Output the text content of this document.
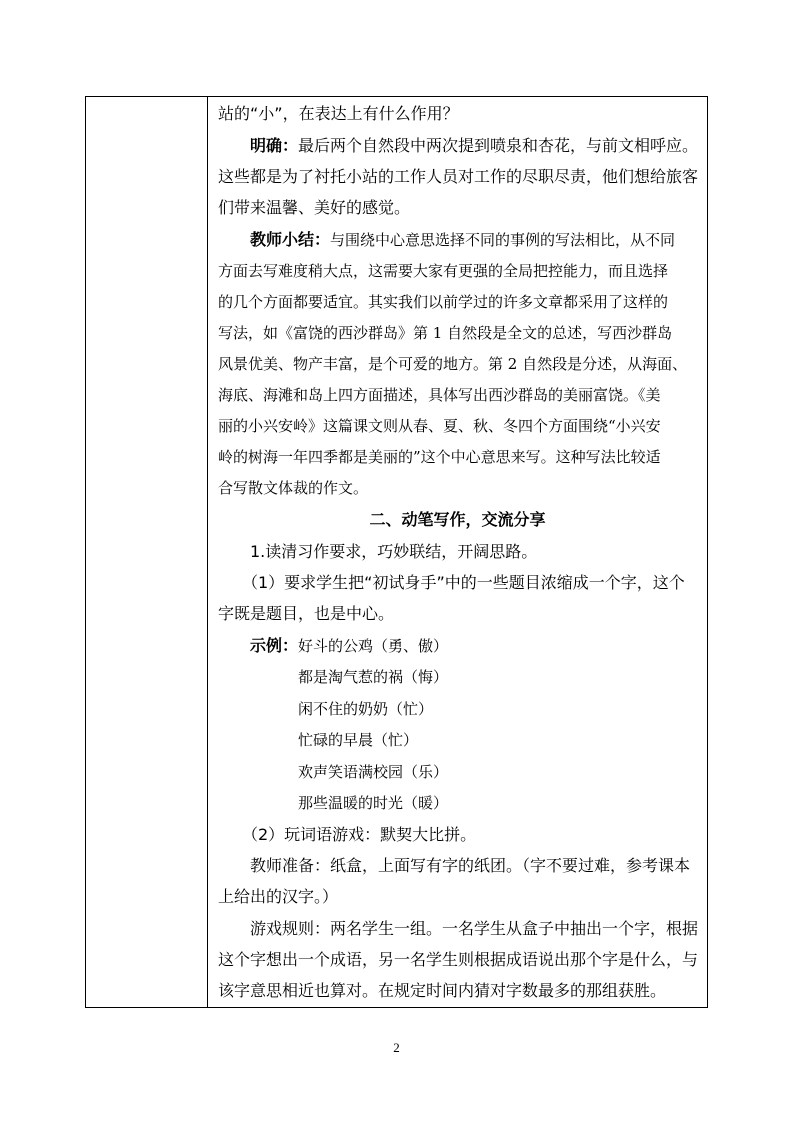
站的“小”，在表达上有什么作用？
明确：最后两个自然段中两次提到喷泉和杏花，与前文相呼应。
这些都是为了衬托小站的工作人员对工作的尽职尽责，他们想给旅客
们带来温馨、美好的感觉。
教师小结：与围绕中心意思选择不同的事例的写法相比，从不同
方面去写难度稍大点，这需要大家有更强的全局把控能力，而且选择
的几个方面都要适宜。其实我们以前学过的许多文章都采用了这样的
写法，如《富饶的西沙群岛》第 1 自然段是全文的总述，写西沙群岛
风景优美、物产丰富，是个可爱的地方。第 2 自然段是分述，从海面、
海底、海滩和岛上四方面描述，具体写出西沙群岛的美丽富饶。《美
丽的小兴安岭》这篇课文则从春、夏、秋、冬四个方面围绕“小兴安
岭的树海一年四季都是美丽的”这个中心意思来写。这种写法比较适
合写散文体裁的作文。
二、动笔写作，交流分享
1.读清习作要求，巧妙联结，开阔思路。
（1）要求学生把“初试身手”中的一些题目浓缩成一个字，这个
字既是题目，也是中心。
示例：好斗的公鸡（勇、傲）
都是淘气惹的祸（悔）
闲不住的奶奶（忙）
忙碌的早晨（忙）
欢声笑语满校园（乐）
那些温暖的时光（暖）
（2）玩词语游戏：默契大比拼。
教师准备：纸盒，上面写有字的纸团。（字不要过难，参考课本
上给出的汉字。）
游戏规则：两名学生一组。一名学生从盒子中抽出一个字，根据
这个字想出一个成语，另一名学生则根据成语说出那个字是什么，与
该字意思相近也算对。在规定时间内猜对字数最多的那组获胜。
2
